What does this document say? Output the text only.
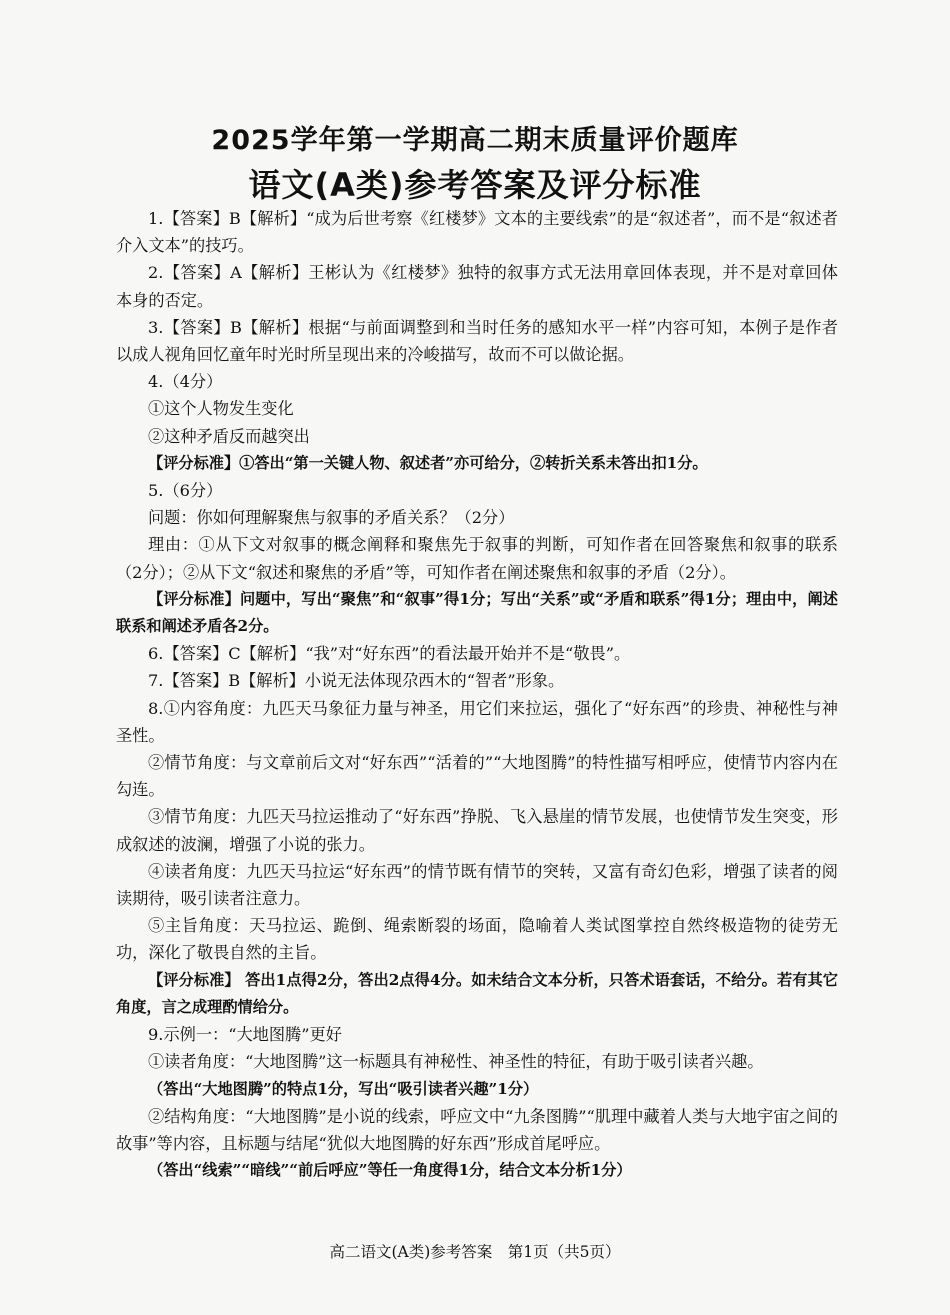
2025学年第一学期高二期末质量评价题库
语文(A类)参考答案及评分标准

1.【答案】B【解析】“成为后世考察《红楼梦》文本的主要线索”的是“叙述者”，而不是“叙述者介入文本”的技巧。

2.【答案】A【解析】王彬认为《红楼梦》独特的叙事方式无法用章回体表现，并不是对章回体本身的否定。

3.【答案】B【解析】根据“与前面调整到和当时任务的感知水平一样”内容可知，本例子是作者以成人视角回忆童年时光时所呈现出来的冷峻描写，故而不可以做论据。

4.（4分）

①这个人物发生变化

②这种矛盾反而越突出

【评分标准】①答出“第一关键人物、叙述者”亦可给分，②转折关系未答出扣1分。

5.（6分）

问题：你如何理解聚焦与叙事的矛盾关系？（2分）

理由：①从下文对叙事的概念阐释和聚焦先于叙事的判断，可知作者在回答聚焦和叙事的联系（2分）；②从下文“叙述和聚焦的矛盾”等，可知作者在阐述聚焦和叙事的矛盾（2分）。

【评分标准】问题中，写出“聚焦”和“叙事”得1分；写出“关系”或“矛盾和联系”得1分；理由中，阐述联系和阐述矛盾各2分。

6.【答案】C【解析】“我”对“好东西”的看法最开始并不是“敬畏”。

7.【答案】B【解析】小说无法体现尕西木的“智者”形象。

8.①内容角度：九匹天马象征力量与神圣，用它们来拉运，强化了“好东西”的珍贵、神秘性与神圣性。

②情节角度：与文章前后文对“好东西”“活着的”“大地图腾”的特性描写相呼应，使情节内容内在勾连。

③情节角度：九匹天马拉运推动了“好东西”挣脱、飞入悬崖的情节发展，也使情节发生突变，形成叙述的波澜，增强了小说的张力。

④读者角度：九匹天马拉运“好东西”的情节既有情节的突转，又富有奇幻色彩，增强了读者的阅读期待，吸引读者注意力。

⑤主旨角度：天马拉运、跪倒、绳索断裂的场面，隐喻着人类试图掌控自然终极造物的徒劳无功，深化了敬畏自然的主旨。

【评分标准】 答出1点得2分，答出2点得4分。如未结合文本分析，只答术语套话，不给分。若有其它角度，言之成理酌情给分。

9.示例一：“大地图腾”更好

①读者角度：“大地图腾”这一标题具有神秘性、神圣性的特征，有助于吸引读者兴趣。

（答出“大地图腾”的特点1分，写出“吸引读者兴趣”1分）

②结构角度：“大地图腾”是小说的线索，呼应文中“九条图腾”“肌理中藏着人类与大地宇宙之间的故事”等内容，且标题与结尾“犹似大地图腾的好东西”形成首尾呼应。

（答出“线索”“暗线”“前后呼应”等任一角度得1分，结合文本分析1分）

高二语文(A类)参考答案　第1页（共5页）
